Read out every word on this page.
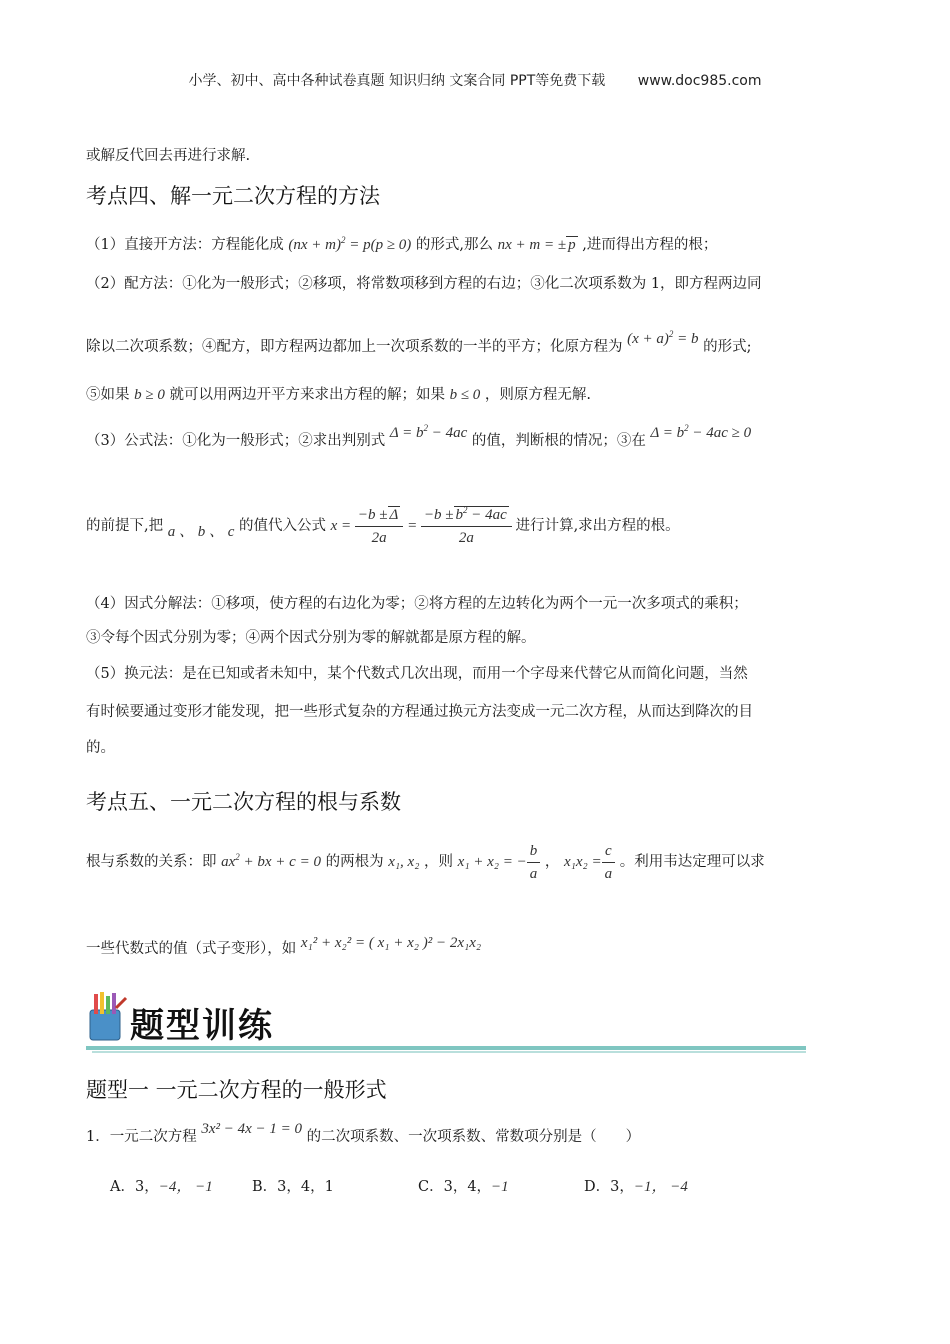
小学、初中、高中各种试卷真题 知识归纳 文案合同 PPT等免费下载 www.doc985.com
或解反代回去再进行求解.
考点四、解一元二次方程的方法
（1）直接开方法：方程能化成 (nx + m)$^2$ = p(p ≥ 0) 的形式,那么 nx + m = ± p ,进而得出方程的根；
（2）配方法：①化为一般形式；②移项，将常数项移到方程的右边；③化二次项系数为 1，即方程两边同
除以二次项系数；④配方，即方程两边都加上一次项系数的一半的平方；化原方程为 $(x + a)^2 = b$ 的形式;
⑤如果 b ≥ 0 就可以用两边开平方来求出方程的解；如果 b ≤ 0 ，则原方程无解.
（3）公式法：①化为一般形式；②求出判别式 $\Delta = b^2 - 4ac$ 的值，判断根的情况；③在 $\Delta = b^2 - 4ac \ge 0$
的前提下,把 a 、 b 、 c 的值代入公式 $x = \frac{-b \pm \Delta}{2a} = \frac{-b \pm b^2 - 4ac}{2a}$ 进行计算,求出方程的根。
（4）因式分解法：①移项，使方程的右边化为零；②将方程的左边转化为两个一元一次多项式的乘积；
③令每个因式分别为零；④两个因式分别为零的解就都是原方程的解。
（5）换元法：是在已知或者未知中，某个代数式几次出现，而用一个字母来代替它从而简化问题，当然
有时候要通过变形才能发现，把一些形式复杂的方程通过换元方法变成一元二次方程，从而达到降次的目
的。
考点五、一元二次方程的根与系数
根与系数的关系：即 $ax^2$ + bx + c = 0 的两根为 x₁, x₂ ，则 x₁ + x₂ = − $\frac{b}{a}$ ， $x_1x_2 = \frac{c}{a}$ 。利用韦达定理可以求
一些代数式的值（式子变形），如 x₁² + x₂² = ( x₁ + x₂ )² − 2x₁x₂
题型训练
题型一 一元二次方程的一般形式
1．一元二次方程 3x² − 4x − 1 = 0 的二次项系数、一次项系数、常数项分别是（　　）
A．3，−4， −1	B．3，4，1	C．3，4，−1	D．3，−1， −4
